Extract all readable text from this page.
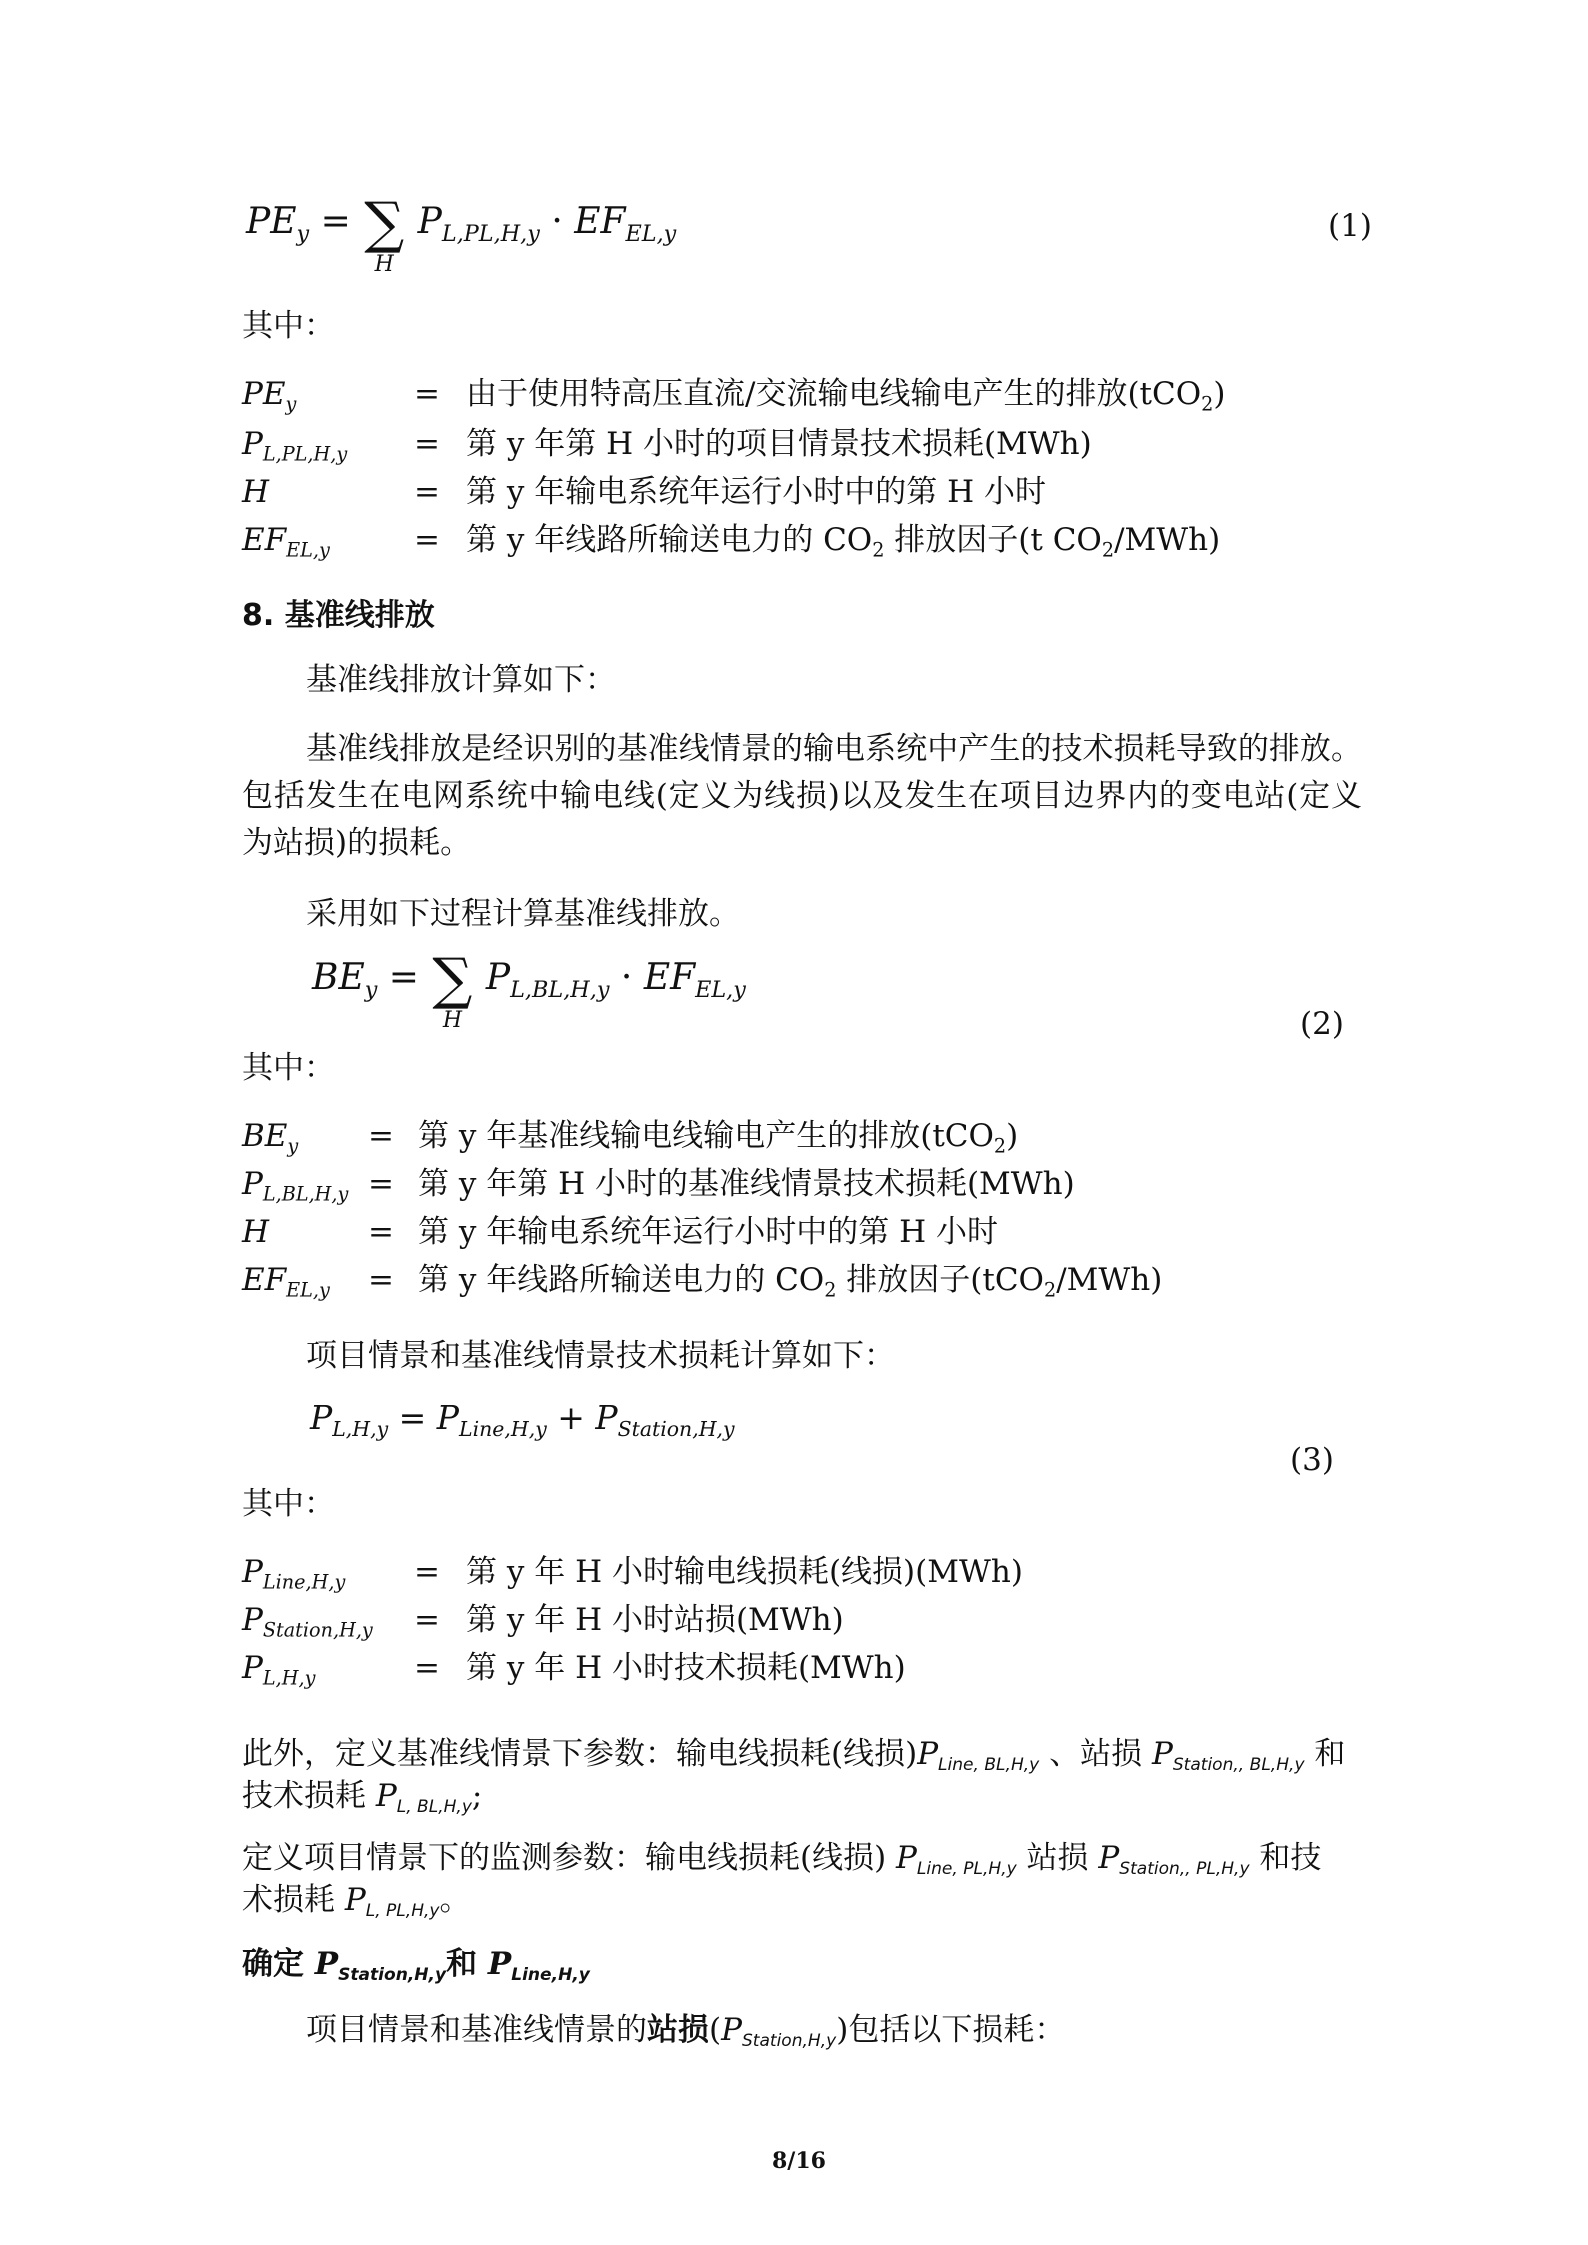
$PE_y$ = ∑
H
$P_{L,PL,H,y} \cdot EF_{EL,y}$	(1)
其中：
$PE_y$	= 由于使用特高压直流/交流输电线输电产生的排放(tCO$_2$)
$P_{L,PL,H,y}$ = 第 y 年第 H 小时的项目情景技术损耗(MWh)
H	= 第 y 年输电系统年运行小时中的第 H 小时
$EF_{EL,y}$	= 第 y 年线路所输送电力的 $CO_2$ 排放因子(t $CO_2/MWh$)
8. 基准线排放
基准线排放计算如下：
基准线排放是经识别的基准线情景的输电系统中产生的技术损耗导致的排放。包括发生在电网系统中输电线(定义为线损)以及发生在项目边界内的变电站(定义为站损)的损耗。
采用如下过程计算基准线排放。
$BE_y$ = ∑
H
$P_{L,BL,H,y} \cdot EF_{EL,y}$
(2)
其中：
$BE_y$ = 第 y 年基准线输电线输电产生的排放(tCO$_2$)
$P_{L,BL,H,y}$ = 第 y 年第 H 小时的基准线情景技术损耗(MWh)
H	= 第 y 年输电系统年运行小时中的第 H 小时
$EF_{EL,y}$ = 第 y 年线路所输送电力的 $CO_2$ 排放因子(tCO$_2$/MWh)
项目情景和基准线情景技术损耗计算如下：
$P_{L,H,y} = P_{Line,H,y} + P_{Station,H,y}$
(3)
其中：
$P_{Line,H,y}$ = 第 y 年 H 小时输电线损耗(线损)(MWh)
$P_{Station,H,y}$ = 第 y 年 H 小时站损(MWh)
$P_{L,H,y}$	= 第 y 年 H 小时技术损耗(MWh)
此外，定义基准线情景下参数：输电线损耗(线损)PLine, BL,H,y 、站损 PStation,, BL,H,y 和
技术损耗 PL, BL,H,y;
定义项目情景下的监测参数：输电线损耗(线损) PLine, PL,H,y 站损 PStation,, PL,H,y 和技
术损耗 PL, PL,H,y。
确定 PStation,H,y和 PLine,H,y
项目情景和基准线情景的站损(PStation,H,y)包括以下损耗：
8/16
